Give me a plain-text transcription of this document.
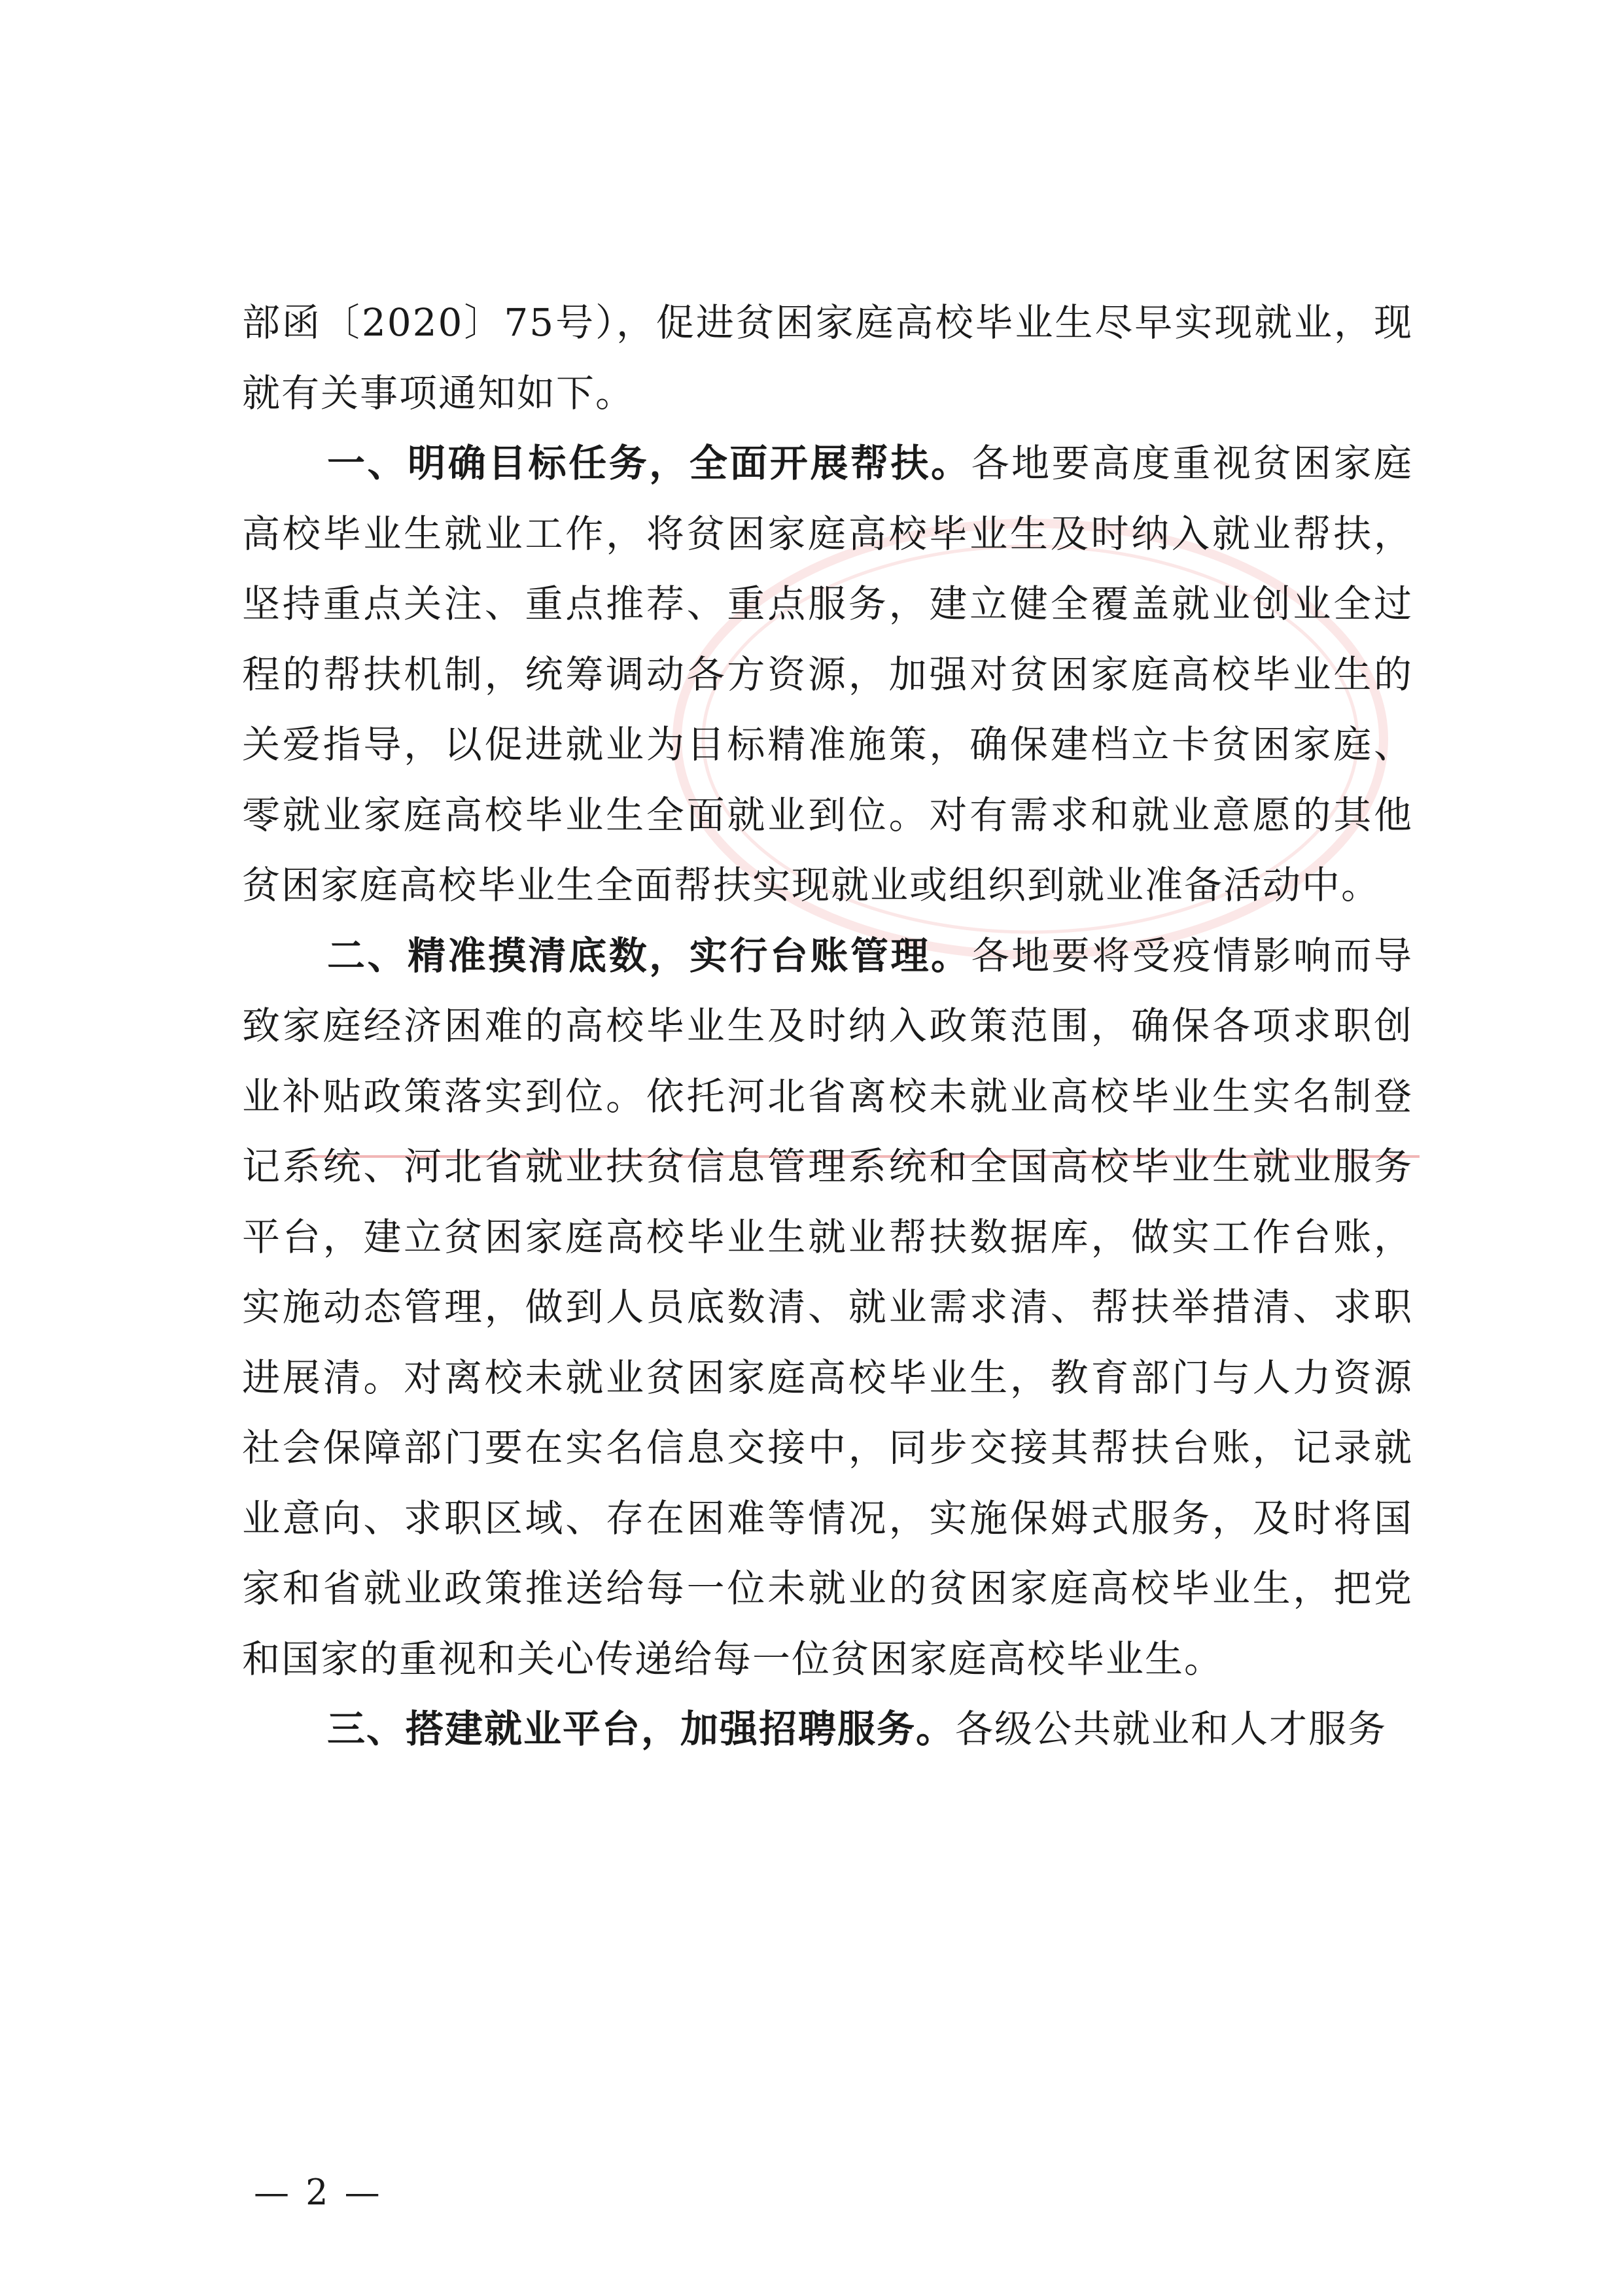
部函〔2020〕75号），促进贫困家庭高校毕业生尽早实现就业，现就有关事项通知如下。

一、明确目标任务，全面开展帮扶。各地要高度重视贫困家庭高校毕业生就业工作，将贫困家庭高校毕业生及时纳入就业帮扶，坚持重点关注、重点推荐、重点服务，建立健全覆盖就业创业全过程的帮扶机制，统筹调动各方资源，加强对贫困家庭高校毕业生的关爱指导，以促进就业为目标精准施策，确保建档立卡贫困家庭、零就业家庭高校毕业生全面就业到位。对有需求和就业意愿的其他贫困家庭高校毕业生全面帮扶实现就业或组织到就业准备活动中。

二、精准摸清底数，实行台账管理。各地要将受疫情影响而导致家庭经济困难的高校毕业生及时纳入政策范围，确保各项求职创业补贴政策落实到位。依托河北省离校未就业高校毕业生实名制登记系统、河北省就业扶贫信息管理系统和全国高校毕业生就业服务平台，建立贫困家庭高校毕业生就业帮扶数据库，做实工作台账，实施动态管理，做到人员底数清、就业需求清、帮扶举措清、求职进展清。对离校未就业贫困家庭高校毕业生，教育部门与人力资源社会保障部门要在实名信息交接中，同步交接其帮扶台账，记录就业意向、求职区域、存在困难等情况，实施保姆式服务，及时将国家和省就业政策推送给每一位未就业的贫困家庭高校毕业生，把党和国家的重视和关心传递给每一位贫困家庭高校毕业生。

三、搭建就业平台，加强招聘服务。各级公共就业和人才服务

— 2 —
